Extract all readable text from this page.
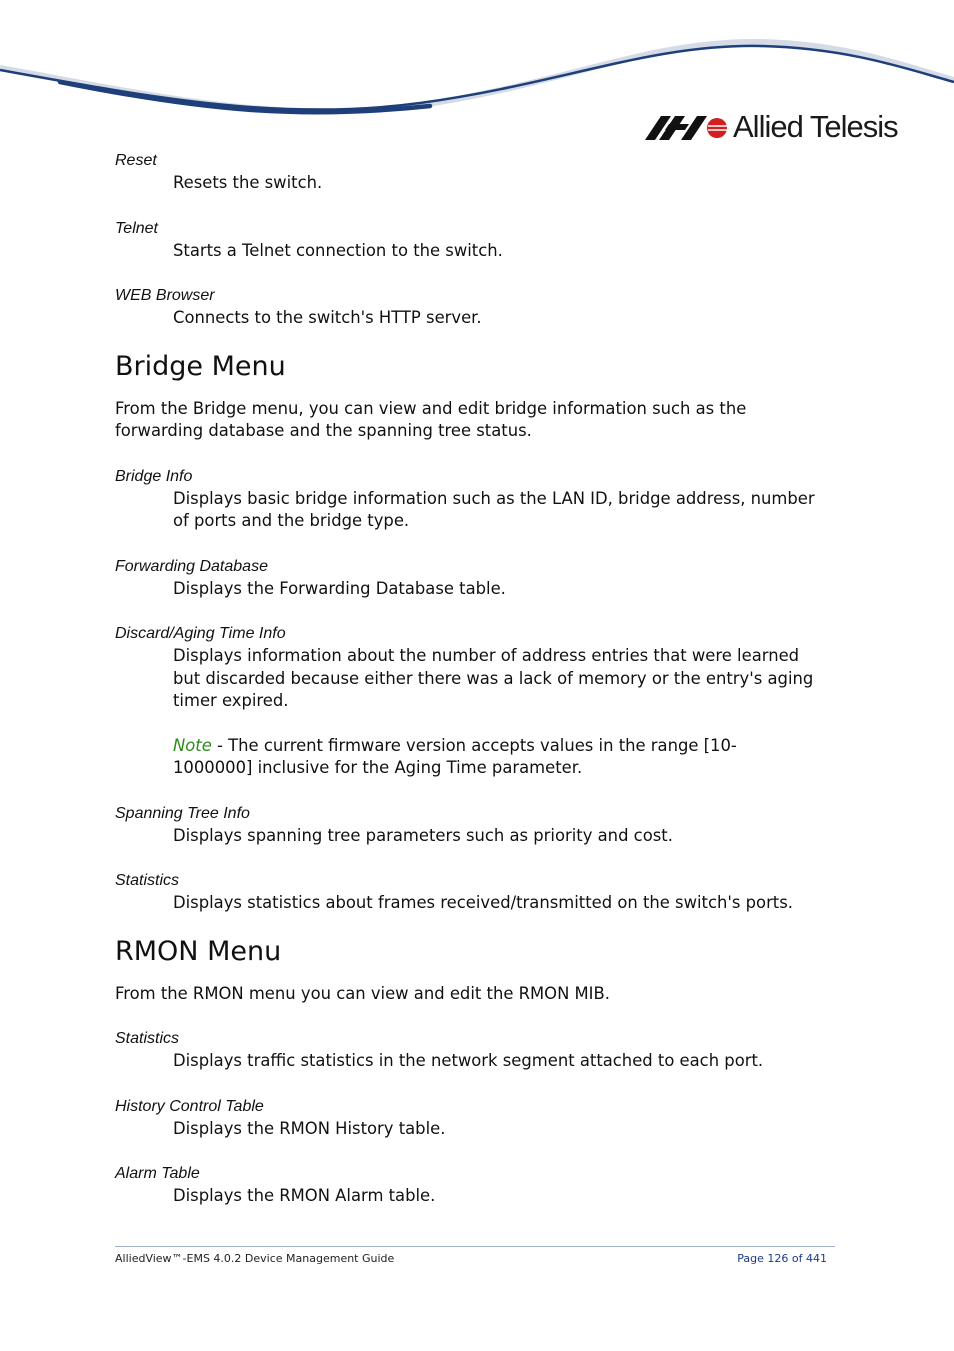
Allied Telesis
Reset

Resets the switch.

Telnet

Starts a Telnet connection to the switch.

WEB Browser

Connects to the switch's HTTP server.

Bridge Menu

From the Bridge menu, you can view and edit bridge information such as the forwarding database and the spanning tree status.

Bridge Info

Displays basic bridge information such as the LAN ID, bridge address, number of ports and the bridge type.

Forwarding Database

Displays the Forwarding Database table.

Discard/Aging Time Info

Displays information about the number of address entries that were learned but discarded because either there was a lack of memory or the entry's aging timer expired.

Note - The current firmware version accepts values in the range [10-1000000] inclusive for the Aging Time parameter.

Spanning Tree Info

Displays spanning tree parameters such as priority and cost.

Statistics

Displays statistics about frames received/transmitted on the switch's ports.

RMON Menu

From the RMON menu you can view and edit the RMON MIB.

Statistics

Displays traffic statistics in the network segment attached to each port.

History Control Table

Displays the RMON History table.

Alarm Table

Displays the RMON Alarm table.

AlliedView™-EMS 4.0.2 Device Management Guide	Page 126 of 441
